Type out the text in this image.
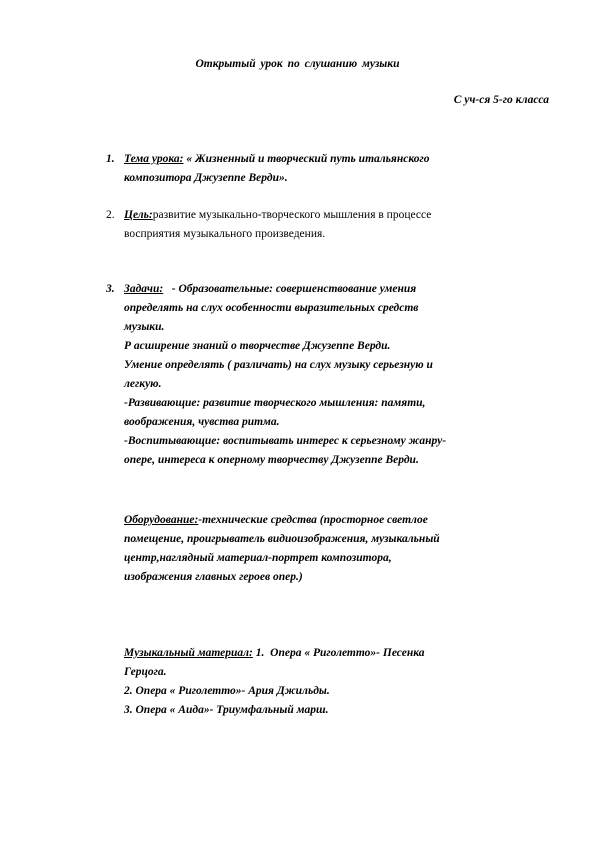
Открытый урок по слушанию музыки
С уч-ся 5-го класса
1. Тема урока: « Жизненный и творческий путь итальянского
композитора Джузеппе Верди».
2. Цель:развитие музыкально-творческого мышления в процессе
восприятия музыкального произведения.
3. Задачи:   - Образовательные: совершенствование умения
определять на слух особенности выразительных средств
музыки.
Р асширение знаний о творчестве Джузеппе Верди.
Умение определять ( различать) на слух музыку серьезную и
легкую.
-Развивающие: развитие творческого мышления: памяти,
воображения, чувства ритма.
-Воспитывающие: воспитывать интерес к серьезному жанру-
опере, интереса к оперному творчеству Джузеппе Верди.
Оборудование:-технические средства (просторное светлое
помещение, проигрыватель видиоизображения, музыкальный
центр,наглядный материал-портрет композитора,
изображения главных героев опер.)
Музыкальный материал: 1.  Опера « Риголетто»- Песенка
Герцога.
2. Опера « Риголетто»- Ария Джильды.
3. Опера « Аида»- Триумфальный марш.
